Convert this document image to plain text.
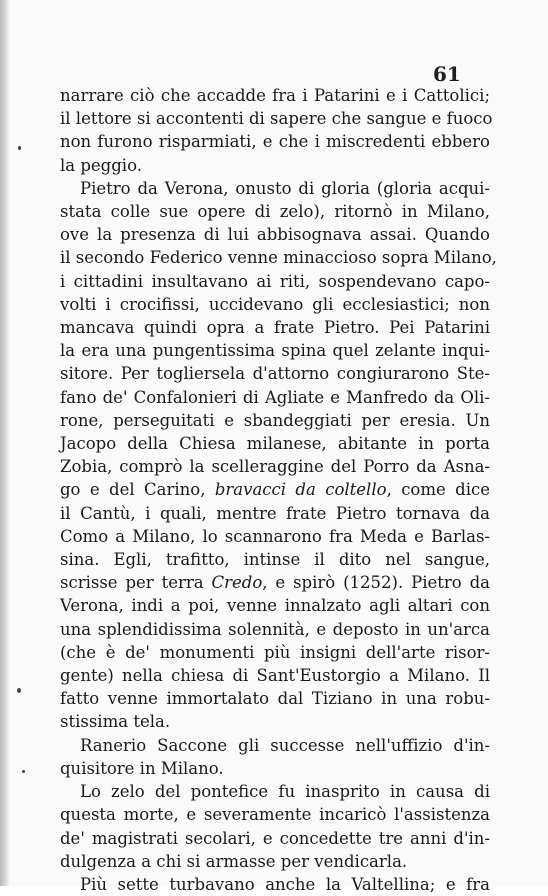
61
narrare ciò che accadde fra i Patarini e i Cattolici;
il lettore si accontenti di sapere che sangue e fuoco
non furono risparmiati, e che i miscredenti ebbero
la peggio.
Pietro da Verona, onusto di gloria (gloria acqui-
stata colle sue opere di zelo), ritornò in Milano,
ove la presenza di lui abbisognava assai. Quando
il secondo Federico venne minaccioso sopra Milano,
i cittadini insultavano ai riti, sospendevano capo-
volti i crocifissi, uccidevano gli ecclesiastici; non
mancava quindi opra a frate Pietro. Pei Patarini
la era una pungentissima spina quel zelante inqui-
sitore. Per togliersela d'attorno congiurarono Ste-
fano de' Confalonieri di Agliate e Manfredo da Oli-
rone, perseguitati e sbandeggiati per eresia. Un
Jacopo della Chiesa milanese, abitante in porta
Zobia, comprò la scelleraggine del Porro da Asna-
go e del Carino, bravacci da coltello, come dice
il Cantù, i quali, mentre frate Pietro tornava da
Como a Milano, lo scannarono fra Meda e Barlas-
sina. Egli, trafitto, intinse il dito nel sangue,
scrisse per terra Credo, e spirò (1252). Pietro da
Verona, indi a poi, venne innalzato agli altari con
una splendidissima solennità, e deposto in un'arca
(che è de' monumenti più insigni dell'arte risor-
gente) nella chiesa di Sant'Eustorgio a Milano. Il
fatto venne immortalato dal Tiziano in una robu-
stissima tela.
Ranerio Saccone gli successe nell'uffizio d'in-
quisitore in Milano.
Lo zelo del pontefice fu inasprito in causa di
questa morte, e severamente incaricò l'assistenza
de' magistrati secolari, e concedette tre anni d'in-
dulgenza a chi si armasse per vendicarla.
Più sette turbavano anche la Valtellina; e fra
